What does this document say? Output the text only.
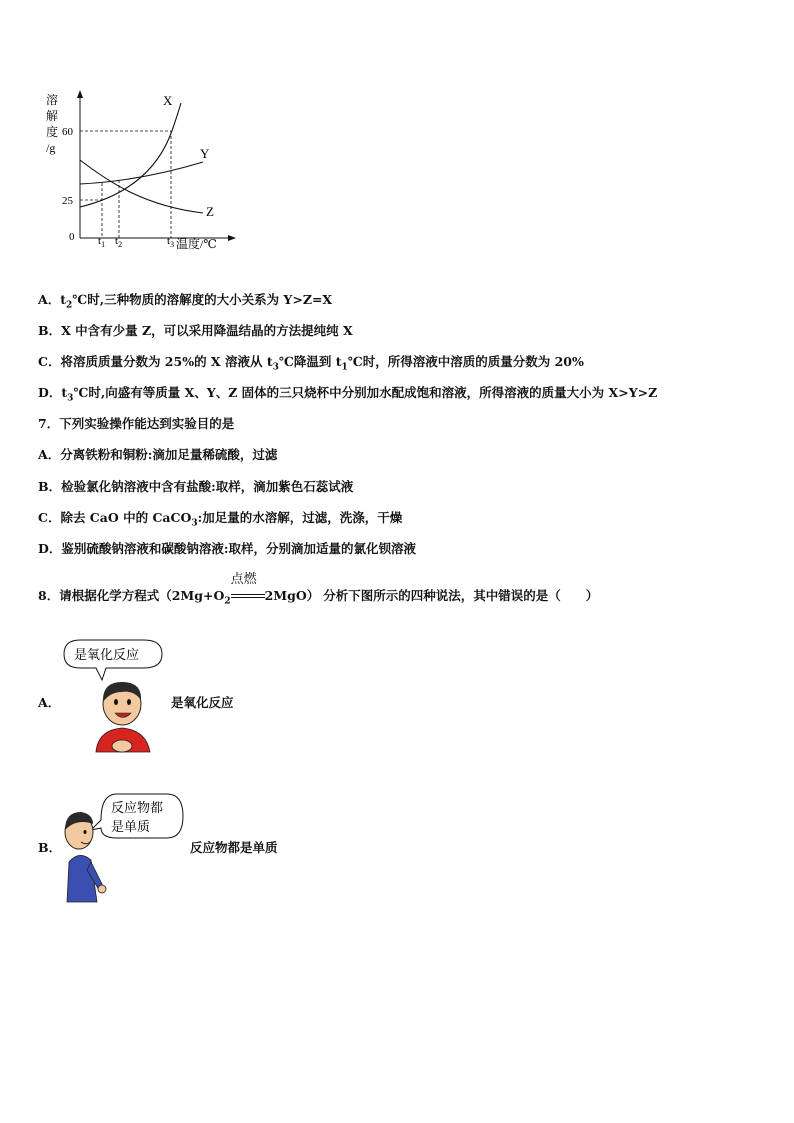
溶
解
度
/g
60
25
0
X
Y
Z
$t_1$ $t_2$	$t_3$ 温度/℃
A．$t_2℃$时,三种物质的溶解度的大小关系为 Y>Z=X
B．X 中含有少量 Z，可以采用降温结晶的方法提纯纯 X
C．将溶质质量分数为 25%的 X 溶液从 $t_3℃$降温到 $t_1℃$时，所得溶液中溶质的质量分数为 20%
D．$t_3℃$时,向盛有等质量 X、Y、Z 固体的三只烧杯中分别加水配成饱和溶液，所得溶液的质量大小为 X>Y>Z
7．下列实验操作能达到实验目的是
A．分离铁粉和铜粉:滴加足量稀硫酸，过滤
B．检验氯化钠溶液中含有盐酸:取样，滴加紫色石蕊试液
C．除去 CaO 中的 CaCO$_3$:加足量的水溶解，过滤，洗涤，干燥
D．鉴别硫酸钠溶液和碳酸钠溶液:取样，分别滴加适量的氯化钡溶液
8．请根据化学方程式（$2Mg+O_2$
点燃
2MgO） 分析下图所示的四种说法，其中错误的是（　　）
A．
是氧化反应
是氧化反应
B．
反应物都
是单质
反应物都是单质
